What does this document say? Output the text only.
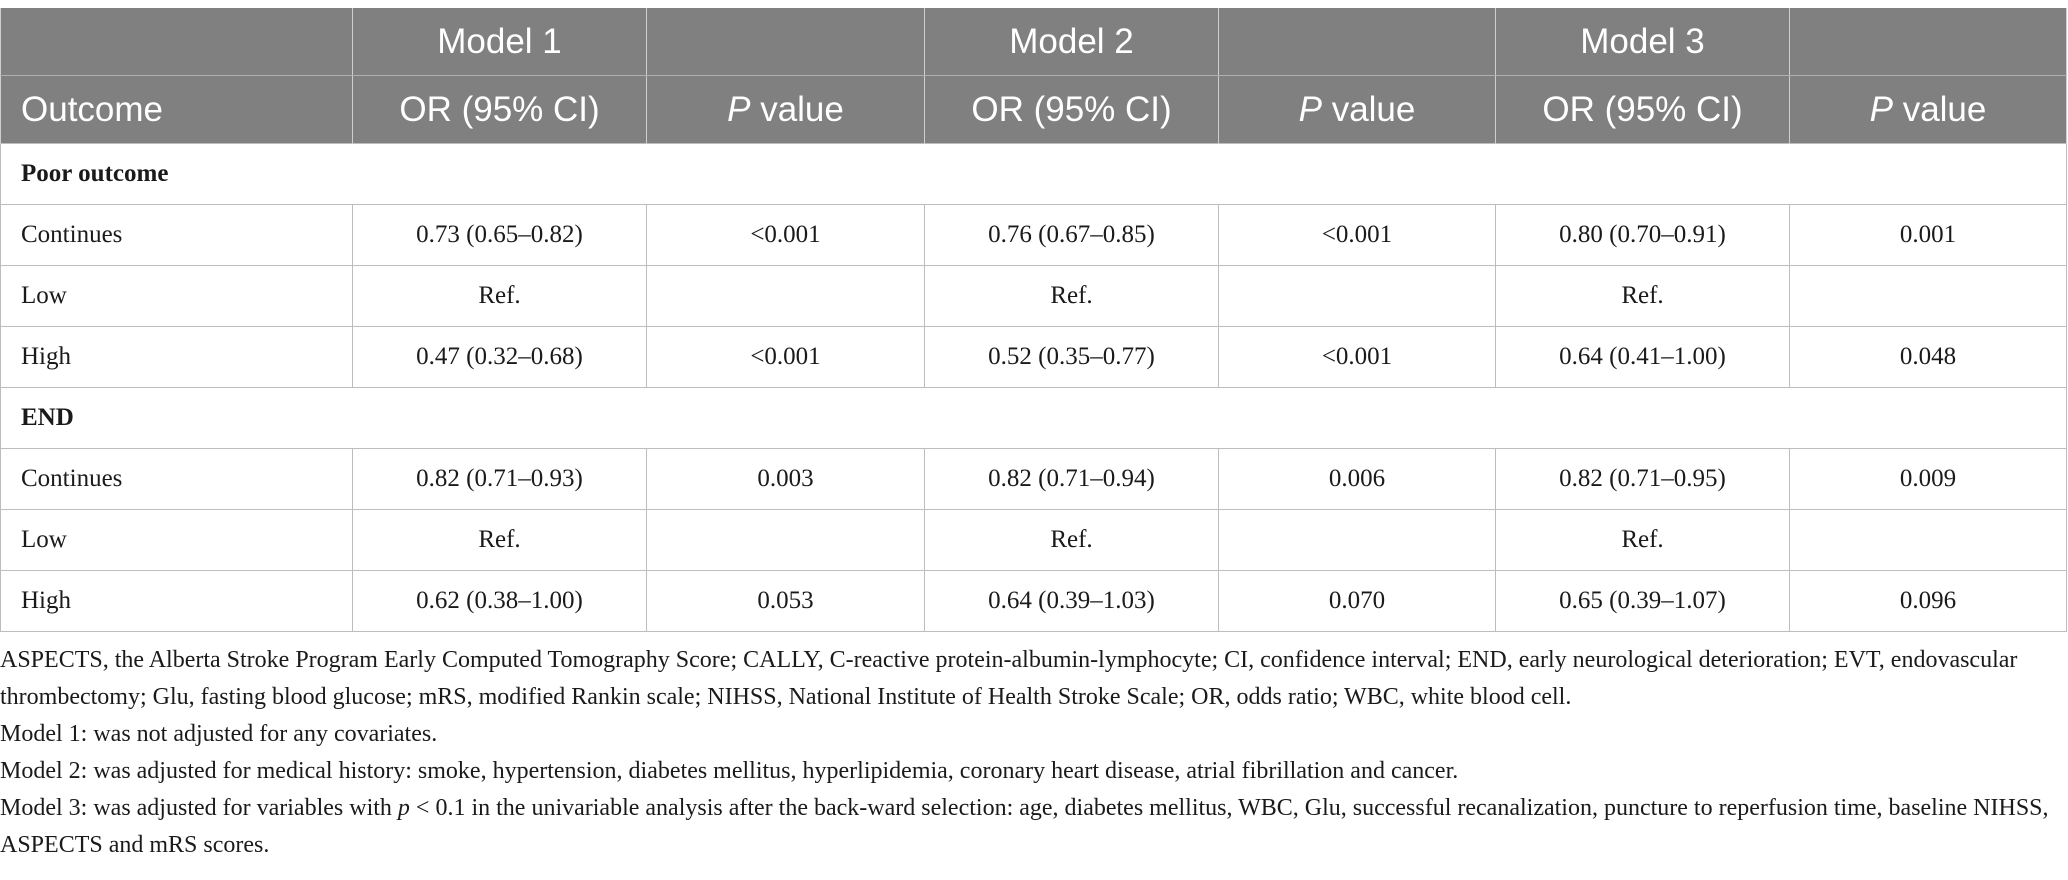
	Model 1		Model 2		Model 3	
Outcome	OR (95% CI)	P value	OR (95% CI)	P value	OR (95% CI)	P value
Poor outcome						
Continues	0.73 (0.65–0.82)	<0.001	0.76 (0.67–0.85)	<0.001	0.80 (0.70–0.91)	0.001
Low	Ref.		Ref.		Ref.	
High	0.47 (0.32–0.68)	<0.001	0.52 (0.35–0.77)	<0.001	0.64 (0.41–1.00)	0.048
END						
Continues	0.82 (0.71–0.93)	0.003	0.82 (0.71–0.94)	0.006	0.82 (0.71–0.95)	0.009
Low	Ref.		Ref.		Ref.	
High	0.62 (0.38–1.00)	0.053	0.64 (0.39–1.03)	0.070	0.65 (0.39–1.07)	0.096

ASPECTS, the Alberta Stroke Program Early Computed Tomography Score; CALLY, C-reactive protein-albumin-lymphocyte; CI, confidence interval; END, early neurological deterioration; EVT, endovascular thrombectomy; Glu, fasting blood glucose; mRS, modified Rankin scale; NIHSS, National Institute of Health Stroke Scale; OR, odds ratio; WBC, white blood cell.

Model 1: was not adjusted for any covariates.

Model 2: was adjusted for medical history: smoke, hypertension, diabetes mellitus, hyperlipidemia, coronary heart disease, atrial fibrillation and cancer.

Model 3: was adjusted for variables with p < 0.1 in the univariable analysis after the back-ward selection: age, diabetes mellitus, WBC, Glu, successful recanalization, puncture to reperfusion time, baseline NIHSS, ASPECTS and mRS scores.
